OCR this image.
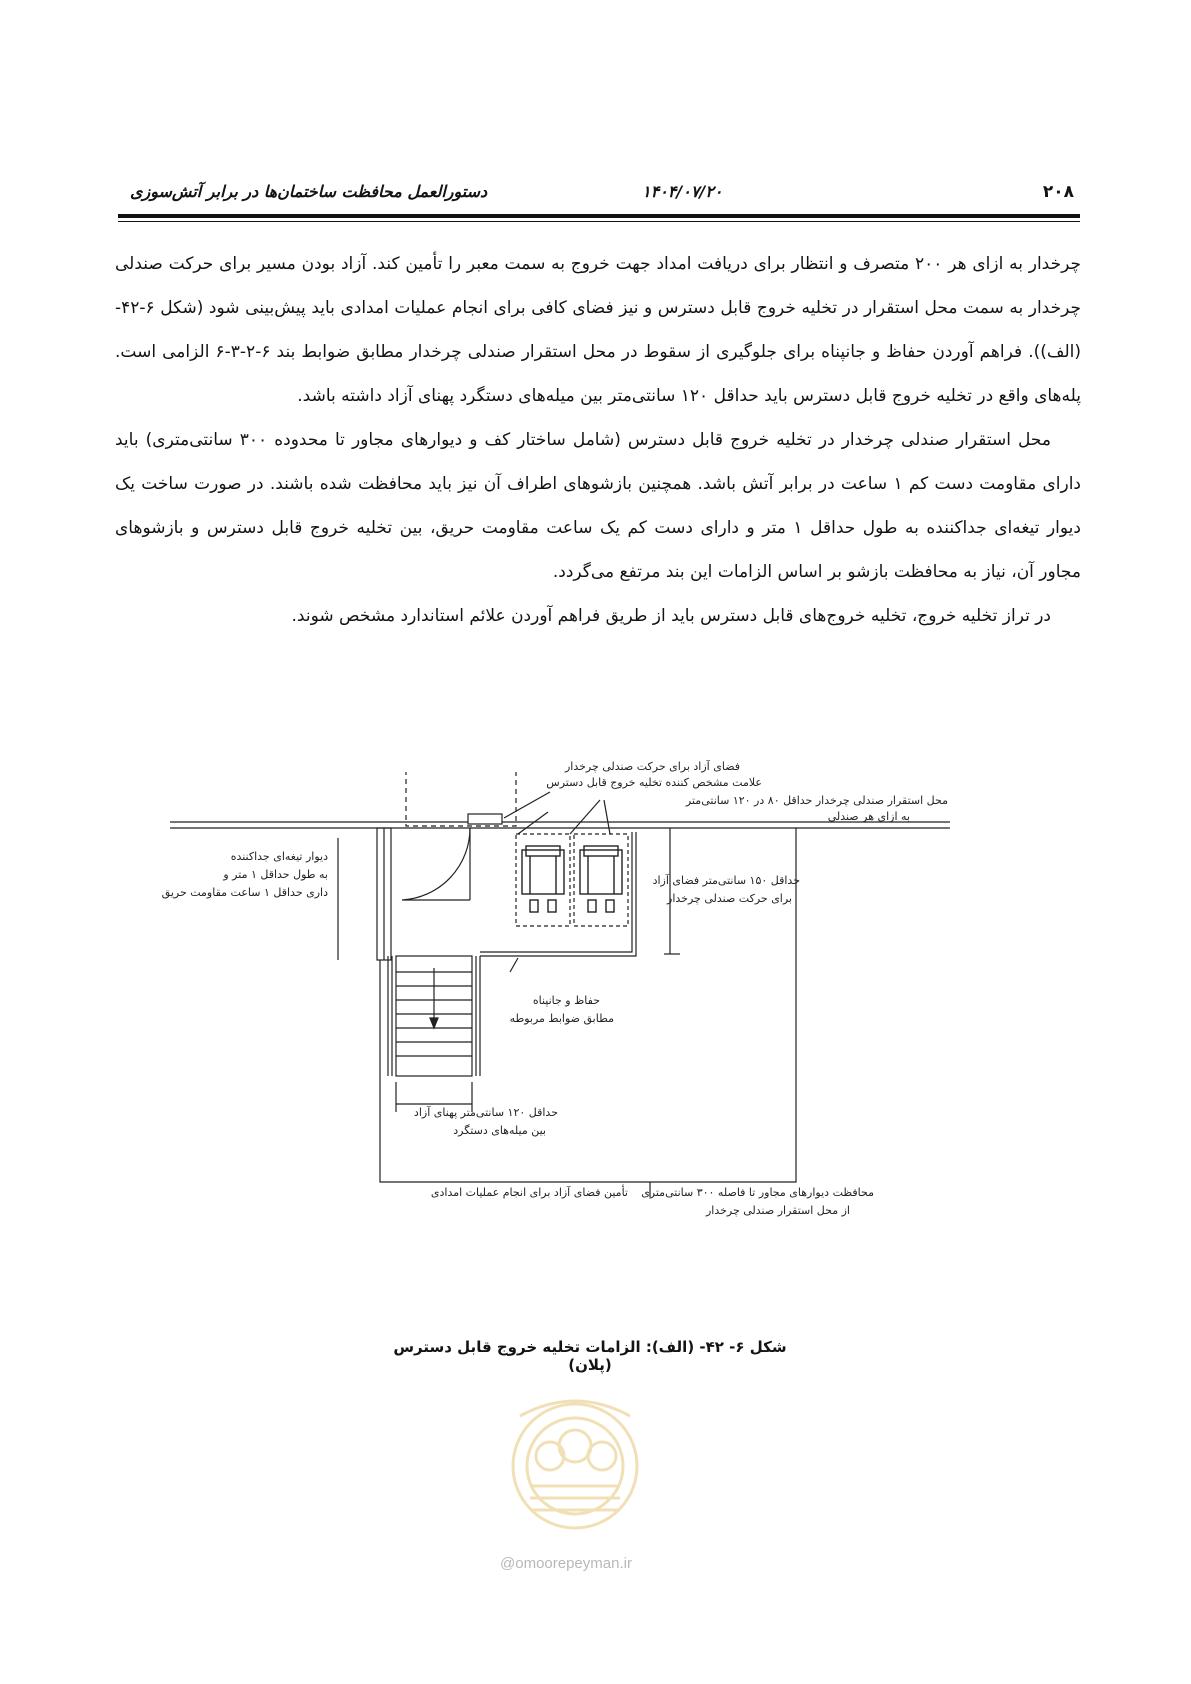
۲۰۸
۱۴۰۴/۰۷/۲۰
دستورالعمل محافظت ساختمان‌ها در برابر آتش‌سوزی

چرخدار به ازای هر ۲۰۰ متصرف و انتظار برای دریافت امداد جهت خروج به سمت معبر را تأمین کند. آزاد بودن مسیر برای حرکت صندلی چرخدار به سمت محل استقرار در تخلیه خروج قابل دسترس و نیز فضای کافی برای انجام عملیات امدادی باید پیش‌بینی شود (شکل ۶-۴۲- (الف)). فراهم آوردن حفاظ و جانپناه برای جلوگیری از سقوط در محل استقرار صندلی چرخدار مطابق ضوابط بند ۶-۲-۳-۶ الزامی است. پله‌های واقع در تخلیه خروج قابل دسترس باید حداقل ۱۲۰ سانتی‌متر بین میله‌های دستگرد پهنای آزاد داشته باشد.

محل استقرار صندلی چرخدار در تخلیه خروج قابل دسترس (شامل ساختار کف و دیوارهای مجاور تا محدوده ۳۰۰ سانتی‌متری) باید دارای مقاومت دست کم ۱ ساعت در برابر آتش باشد. همچنین بازشوهای اطراف آن نیز باید محافظت شده باشند. در صورت ساخت یک دیوار تیغه‌ای جداکننده به طول حداقل ۱ متر و دارای دست کم یک ساعت مقاومت حریق، بین تخلیه خروج قابل دسترس و بازشوهای مجاور آن، نیاز به محافظت بازشو بر اساس الزامات این بند مرتفع می‌گردد.

در تراز تخلیه خروج، تخلیه خروج‌های قابل دسترس باید از طریق فراهم آوردن علائم استاندارد مشخص شوند.

فضای آزاد برای حرکت صندلی چرخدار
علامت مشخص کننده تخلیه خروج قابل دسترس
محل استقرار صندلی چرخدار حداقل ۸۰ در ۱۲۰ سانتی‌متر
به ازای هر صندلی
دیوار تیغه‌ای جداکننده
به طول حداقل ۱ متر و
داری حداقل ۱ ساعت مقاومت حریق
حداقل ۱۵۰ سانتی‌متر فضای آزاد
برای حرکت صندلی چرخدار
حفاظ و جانپناه
مطابق ضوابط مربوطه
حداقل ۱۲۰ سانتی‌متر پهنای آزاد
بین میله‌های دستگرد
تأمین فضای آزاد برای انجام عملیات امدادی محافظت دیوارهای مجاور تا فاصله ۳۰۰ سانتی‌متری
از محل استقرار صندلی چرخدار
شکل ۶- ۴۲- (الف): الزامات تخلیه خروج قابل دسترس (پلان)
@omoorepeyman.ir
